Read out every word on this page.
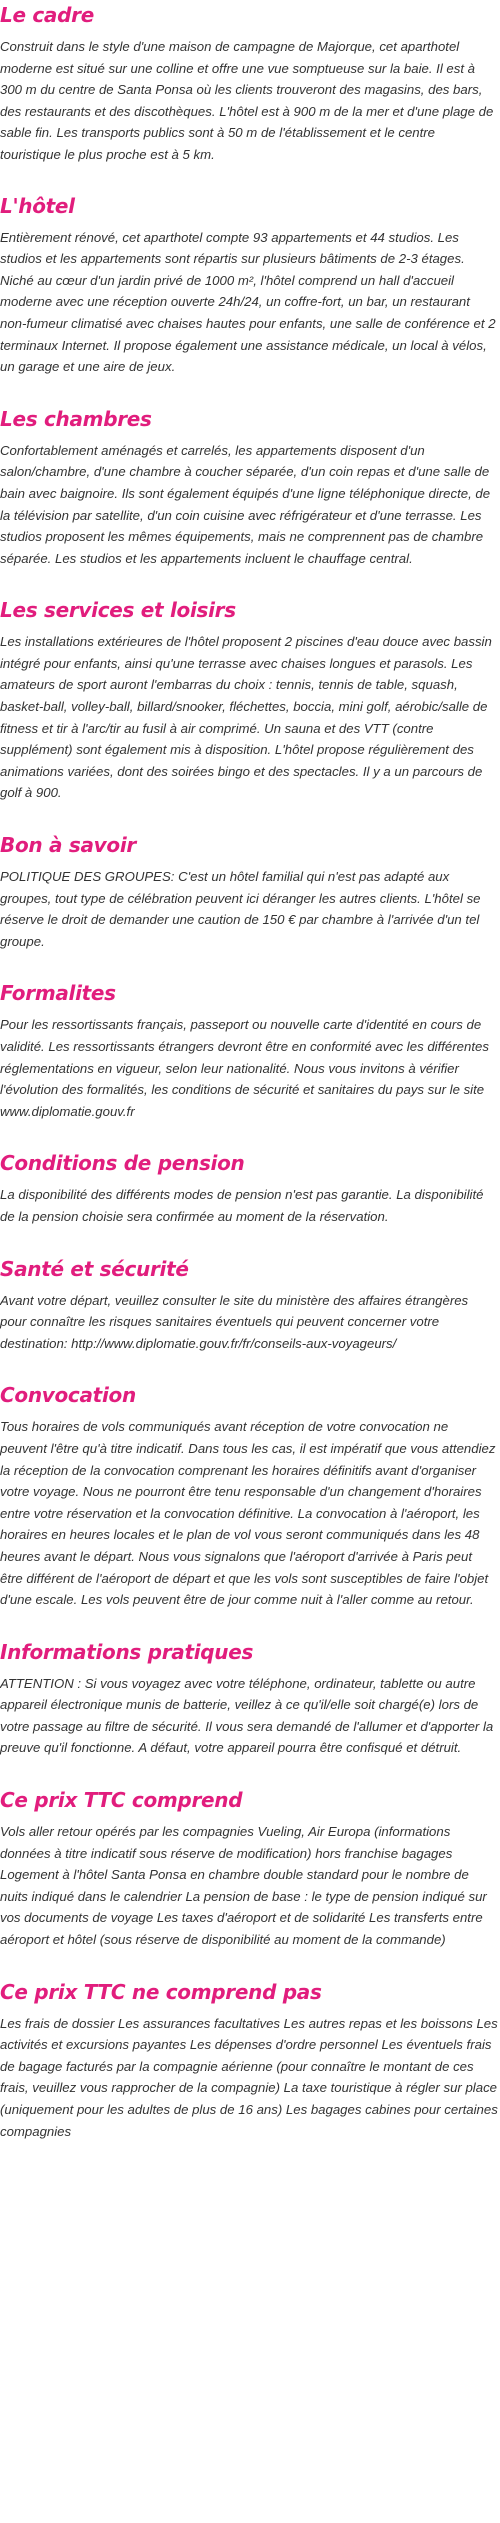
Le cadre

Construit dans le style d'une maison de campagne de Majorque, cet aparthotel moderne est situé sur une colline et offre une vue somptueuse sur la baie. Il est à 300 m du centre de Santa Ponsa où les clients trouveront des magasins, des bars, des restaurants et des discothèques. L'hôtel est à 900 m de la mer et d'une plage de sable fin. Les transports publics sont à 50 m de l'établissement et le centre touristique le plus proche est à 5 km.

L'hôtel

Entièrement rénové, cet aparthotel compte 93 appartements et 44 studios. Les studios et les appartements sont répartis sur plusieurs bâtiments de 2-3 étages. Niché au cœur d'un jardin privé de 1000 m², l'hôtel comprend un hall d'accueil moderne avec une réception ouverte 24h/24, un coffre-fort, un bar, un restaurant non-fumeur climatisé avec chaises hautes pour enfants, une salle de conférence et 2 terminaux Internet. Il propose également une assistance médicale, un local à vélos, un garage et une aire de jeux.

Les chambres

Confortablement aménagés et carrelés, les appartements disposent d'un salon/chambre, d'une chambre à coucher séparée, d'un coin repas et d'une salle de bain avec baignoire. Ils sont également équipés d'une ligne téléphonique directe, de la télévision par satellite, d'un coin cuisine avec réfrigérateur et d'une terrasse. Les studios proposent les mêmes équipements, mais ne comprennent pas de chambre séparée. Les studios et les appartements incluent le chauffage central.

Les services et loisirs

Les installations extérieures de l'hôtel proposent 2 piscines d'eau douce avec bassin intégré pour enfants, ainsi qu'une terrasse avec chaises longues et parasols. Les amateurs de sport auront l'embarras du choix : tennis, tennis de table, squash, basket-ball, volley-ball, billard/snooker, fléchettes, boccia, mini golf, aérobic/salle de fitness et tir à l'arc/tir au fusil à air comprimé. Un sauna et des VTT (contre supplément) sont également mis à disposition. L'hôtel propose régulièrement des animations variées, dont des soirées bingo et des spectacles. Il y a un parcours de golf à 900.

Bon à savoir

POLITIQUE DES GROUPES: C'est un hôtel familial qui n'est pas adapté aux groupes, tout type de célébration peuvent ici déranger les autres clients. L'hôtel se réserve le droit de demander une caution de 150 € par chambre à l'arrivée d'un tel groupe.

Formalites

Pour les ressortissants français, passeport ou nouvelle carte d'identité en cours de validité. Les ressortissants étrangers devront être en conformité avec les différentes réglementations en vigueur, selon leur nationalité. Nous vous invitons à vérifier l'évolution des formalités, les conditions de sécurité et sanitaires du pays sur le site www.diplomatie.gouv.fr

Conditions de pension

La disponibilité des différents modes de pension n'est pas garantie. La disponibilité de la pension choisie sera confirmée au moment de la réservation.

Santé et sécurité

Avant votre départ, veuillez consulter le site du ministère des affaires étrangères pour connaître les risques sanitaires éventuels qui peuvent concerner votre destination: http://www.diplomatie.gouv.fr/fr/conseils-aux-voyageurs/

Convocation

Tous horaires de vols communiqués avant réception de votre convocation ne peuvent l'être qu'à titre indicatif. Dans tous les cas, il est impératif que vous attendiez la réception de la convocation comprenant les horaires définitifs avant d'organiser votre voyage. Nous ne pourront être tenu responsable d'un changement d'horaires entre votre réservation et la convocation définitive. La convocation à l'aéroport, les horaires en heures locales et le plan de vol vous seront communiqués dans les 48 heures avant le départ. Nous vous signalons que l'aéroport d'arrivée à Paris peut être différent de l'aéroport de départ et que les vols sont susceptibles de faire l'objet d'une escale. Les vols peuvent être de jour comme nuit à l'aller comme au retour.

Informations pratiques

ATTENTION : Si vous voyagez avec votre téléphone, ordinateur, tablette ou autre appareil électronique munis de batterie, veillez à ce qu'il/elle soit chargé(e) lors de votre passage au filtre de sécurité. Il vous sera demandé de l'allumer et d'apporter la preuve qu'il fonctionne. A défaut, votre appareil pourra être confisqué et détruit.

Ce prix TTC comprend

Vols aller retour opérés par les compagnies Vueling, Air Europa (informations données à titre indicatif sous réserve de modification) hors franchise bagages Logement à l'hôtel Santa Ponsa en chambre double standard pour le nombre de nuits indiqué dans le calendrier La pension de base : le type de pension indiqué sur vos documents de voyage Les taxes d'aéroport et de solidarité Les transferts entre aéroport et hôtel (sous réserve de disponibilité au moment de la commande)

Ce prix TTC ne comprend pas

Les frais de dossier Les assurances facultatives Les autres repas et les boissons Les activités et excursions payantes Les dépenses d'ordre personnel Les éventuels frais de bagage facturés par la compagnie aérienne (pour connaître le montant de ces frais, veuillez vous rapprocher de la compagnie) La taxe touristique à régler sur place (uniquement pour les adultes de plus de 16 ans) Les bagages cabines pour certaines compagnies
